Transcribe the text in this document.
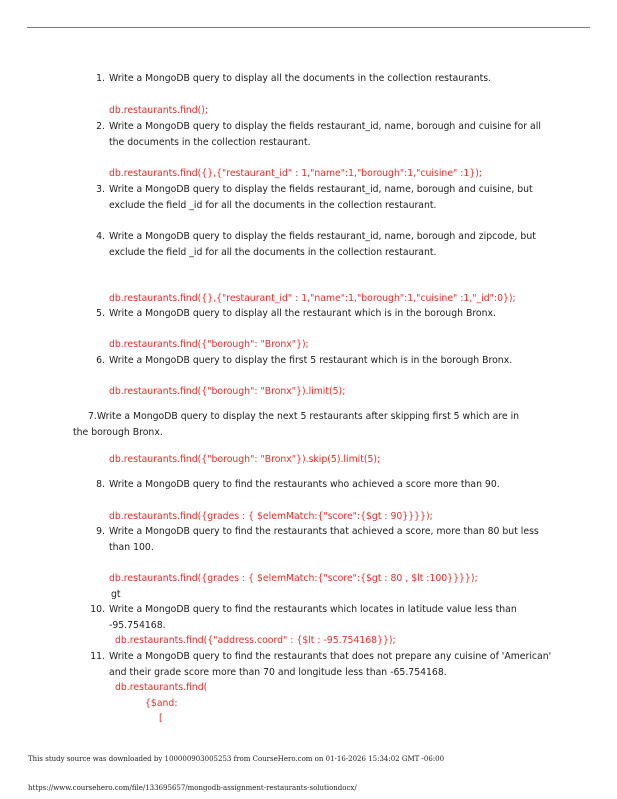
1. Write a MongoDB query to display all the documents in the collection restaurants.
db.restaurants.find();
2. Write a MongoDB query to display the fields restaurant_id, name, borough and cuisine for all the documents in the collection restaurant.
db.restaurants.find({},{"restaurant_id" : 1,"name":1,"borough":1,"cuisine" :1});
3. Write a MongoDB query to display the fields restaurant_id, name, borough and cuisine, but exclude the field _id for all the documents in the collection restaurant.
4. Write a MongoDB query to display the fields restaurant_id, name, borough and zipcode, but exclude the field _id for all the documents in the collection restaurant.
db.restaurants.find({},{"restaurant_id" : 1,"name":1,"borough":1,"cuisine" :1,"_id":0});
5. Write a MongoDB query to display all the restaurant which is in the borough Bronx.
db.restaurants.find({"borough": "Bronx"});
6. Write a MongoDB query to display the first 5 restaurant which is in the borough Bronx.
db.restaurants.find({"borough": "Bronx"}).limit(5);
7.Write a MongoDB query to display the next 5 restaurants after skipping first 5 which are in the borough Bronx.
db.restaurants.find({"borough": "Bronx"}).skip(5).limit(5);
8. Write a MongoDB query to find the restaurants who achieved a score more than 90.
db.restaurants.find({grades : { $elemMatch:{"score":{$gt : 90}}}});
9. Write a MongoDB query to find the restaurants that achieved a score, more than 80 but less than 100.
db.restaurants.find({grades : { $elemMatch:{"score":{$gt : 80 , $lt :100}}}});
gt
10. Write a MongoDB query to find the restaurants which locates in latitude value less than -95.754168.
db.restaurants.find({"address.coord" : {$lt : -95.754168}});
11. Write a MongoDB query to find the restaurants that does not prepare any cuisine of 'American' and their grade score more than 70 and longitude less than -65.754168.
db.restaurants.find(
{$and:
[
This study source was downloaded by 100000903005253 from CourseHero.com on 01-16-2026 15:34:02 GMT -06:00
https://www.coursehero.com/file/133695657/mongodb-assignment-restaurants-solutiondocx/
